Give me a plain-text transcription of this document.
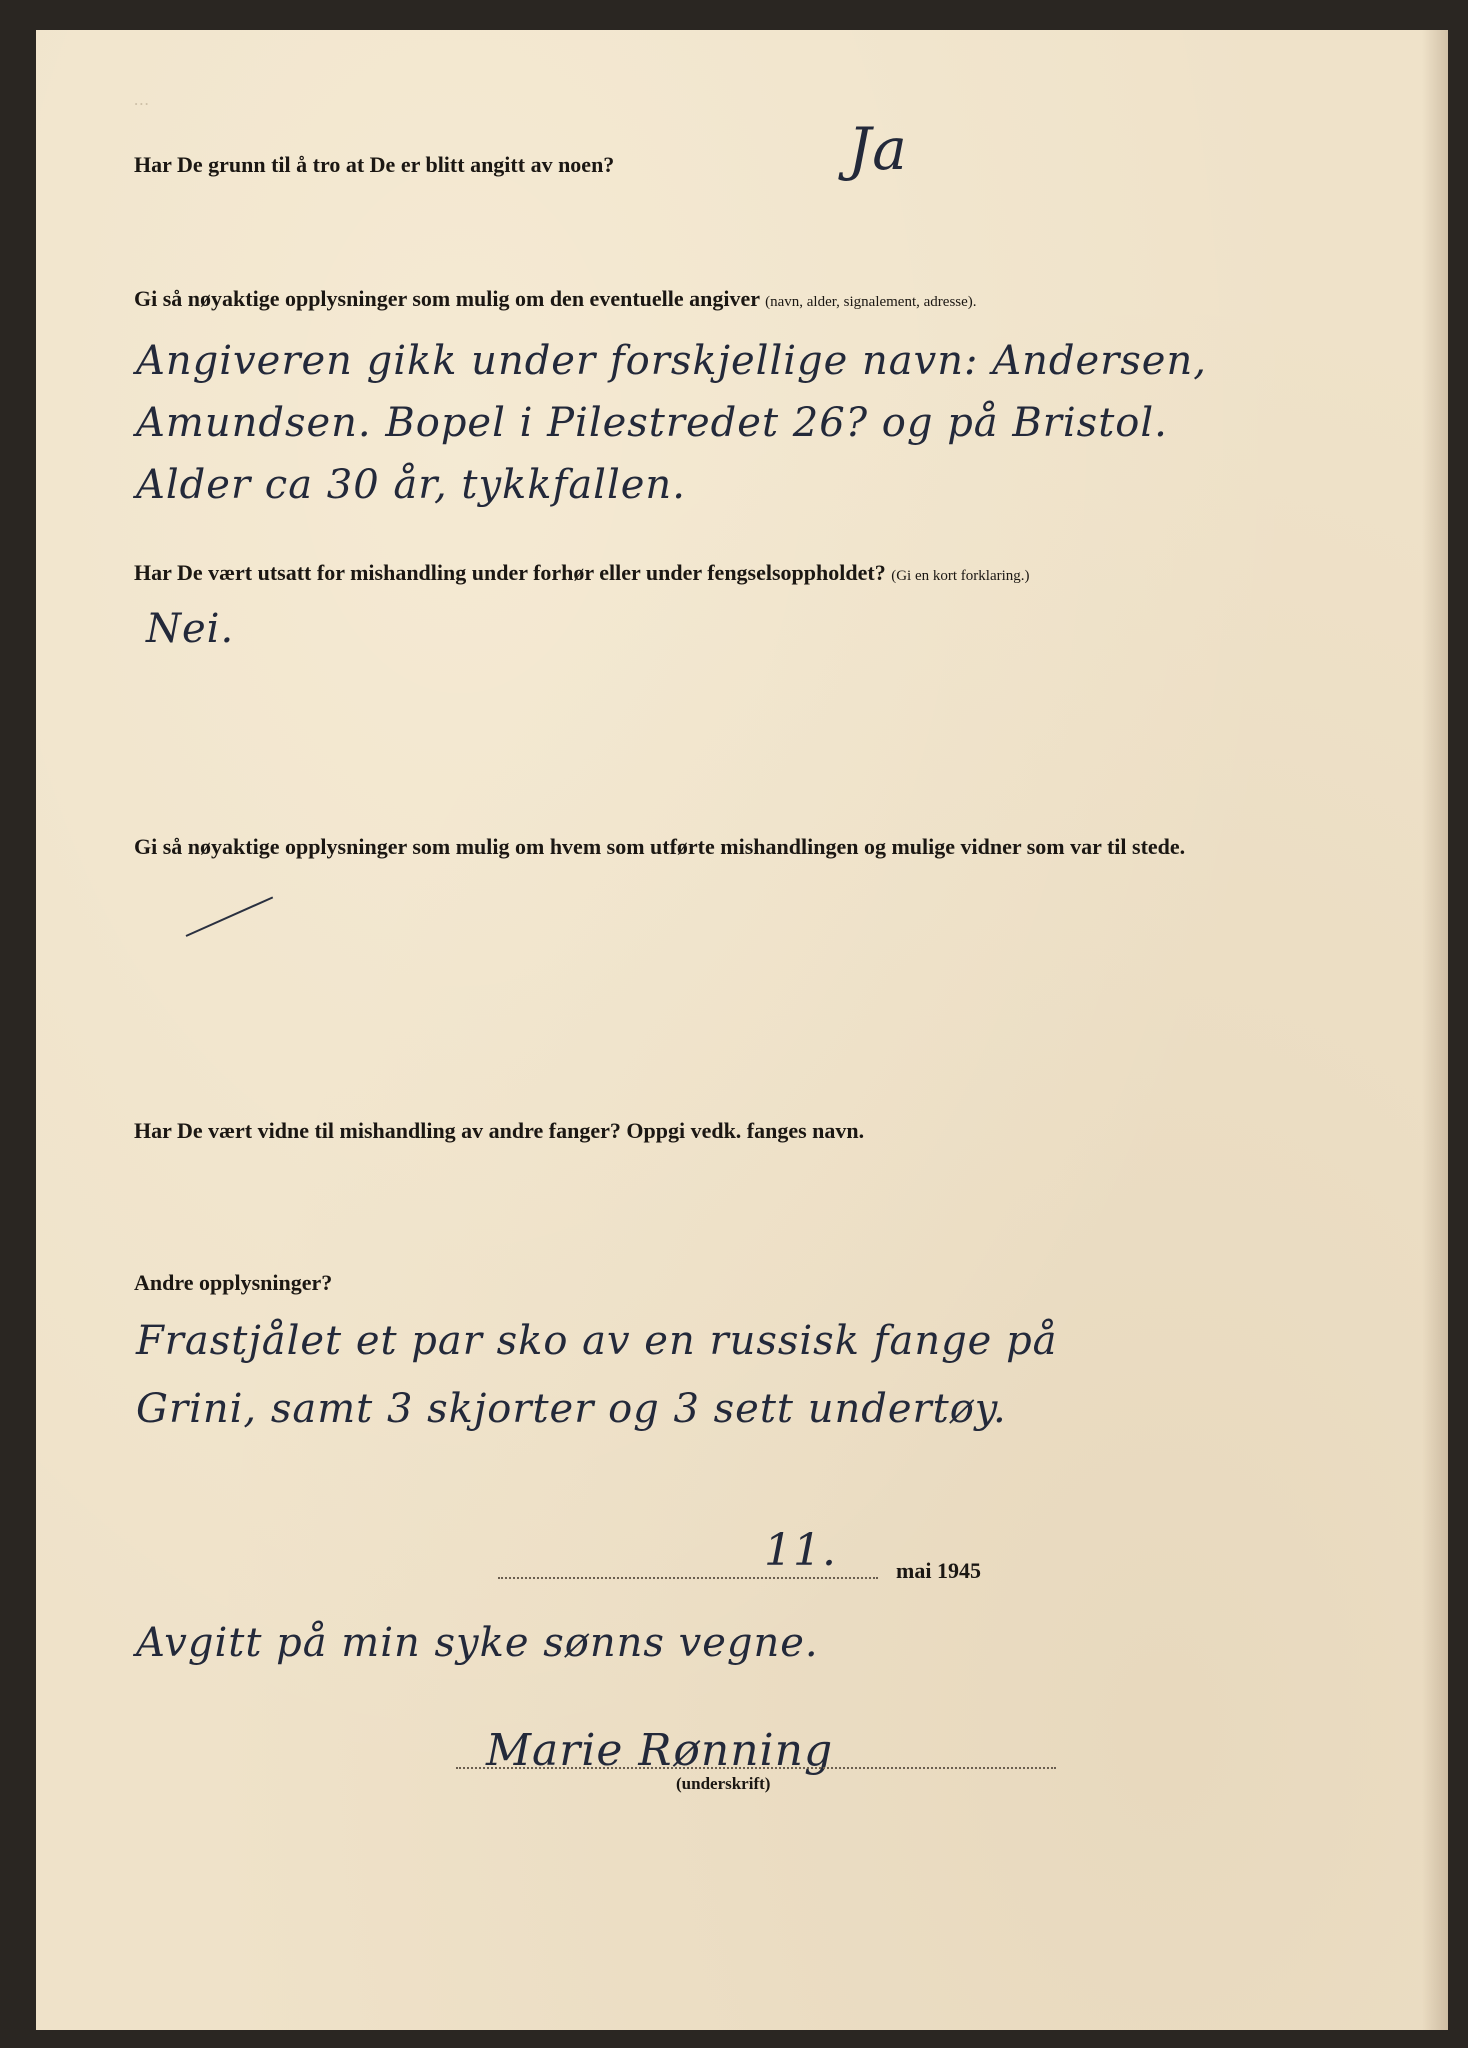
...
Har De grunn til å tro at De er blitt angitt av noen?	Ja
Gi så nøyaktige opplysninger som mulig om den eventuelle angiver (navn, alder, signalement, adresse).
Angiveren gikk under forskjellige navn: Andersen,
Amundsen. Bopel i Pilestredet 26? og på Bristol.
Alder ca 30 år, tykkfallen.
Har De vært utsatt for mishandling under forhør eller under fengselsoppholdet? (Gi en kort forklaring.)
Nei.
Gi så nøyaktige opplysninger som mulig om hvem som utførte mishandlingen og mulige vidner som var til stede.
Har De vært vidne til mishandling av andre fanger? Oppgi vedk. fanges navn.
Andre opplysninger?
Frastjålet et par sko av en russisk fange på
Grini, samt 3 skjorter og 3 sett undertøy.
11.	mai 1945
Avgitt på min syke sønns vegne.
Marie Rønning
(underskrift)
